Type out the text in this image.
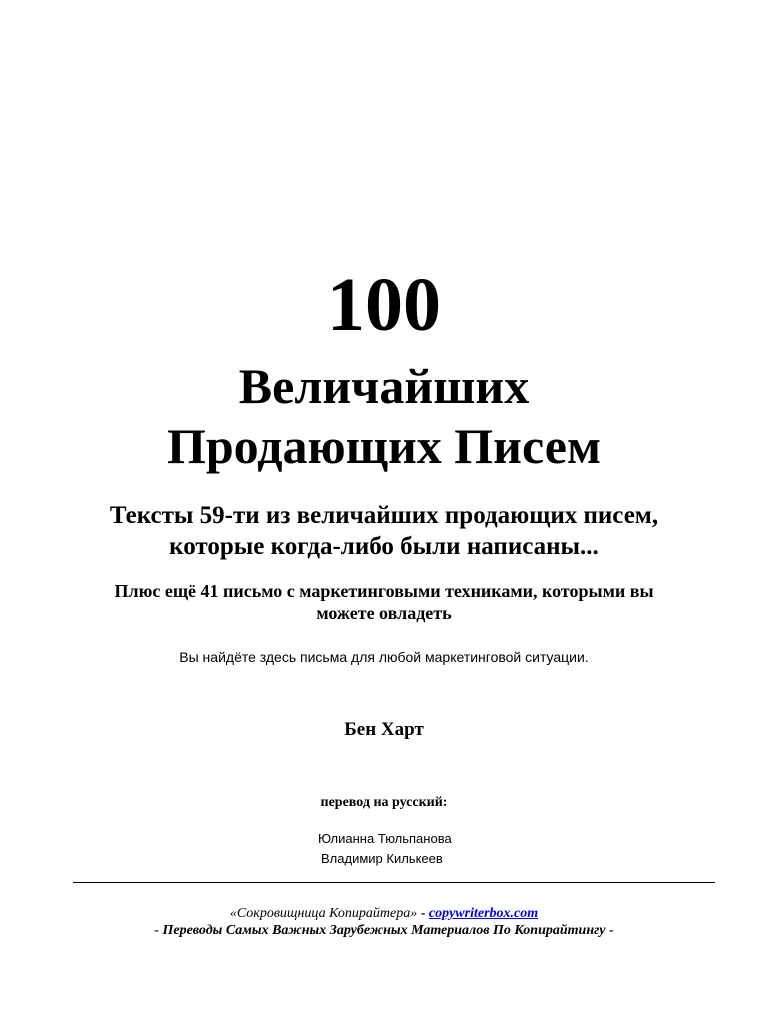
100
Величайших
Продающих Писем
Тексты 59-ти из величайших продающих писем,
которые когда-либо были написаны...
Плюс ещё 41 письмо с маркетинговыми техниками, которыми вы
можете овладеть
Вы найдёте здесь письма для любой маркетинговой ситуации.
Бен Харт
перевод на русский:
Юлианна Тюльпанова
Владимир Килькеев
«Сокровищница Копирайтера» - copywriterbox.com
- Переводы Самых Важных Зарубежных Материалов По Копирайтингу -
